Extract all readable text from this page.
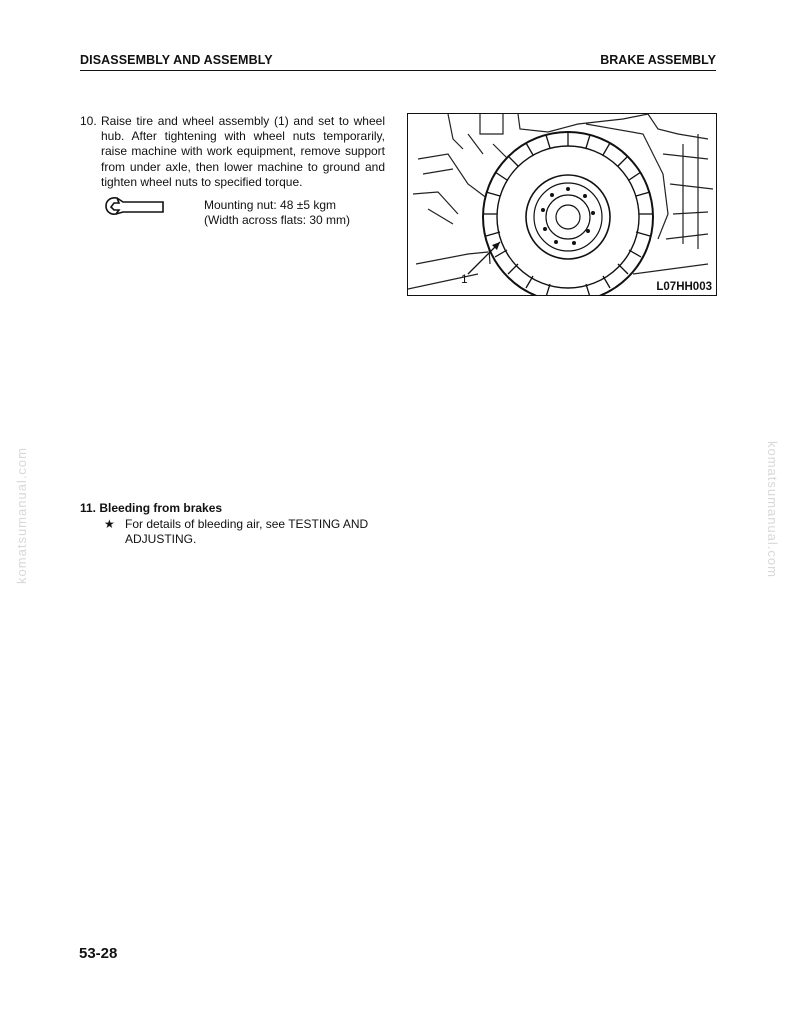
DISASSEMBLY AND ASSEMBLY	BRAKE ASSEMBLY
10. Raise tire and wheel assembly (1) and set to wheel hub. After tightening with wheel nuts temporarily, raise machine with work equipment, remove support from under axle, then lower machine to ground and tighten wheel nuts to specified torque.
Mounting nut: 48 ±5 kgm
(Width across flats: 30 mm)
1
L07HH003
11. Bleeding from brakes
★ For details of bleeding air, see TESTING AND ADJUSTING.
53-28
komatsumanual.com	komatsumanual.com
